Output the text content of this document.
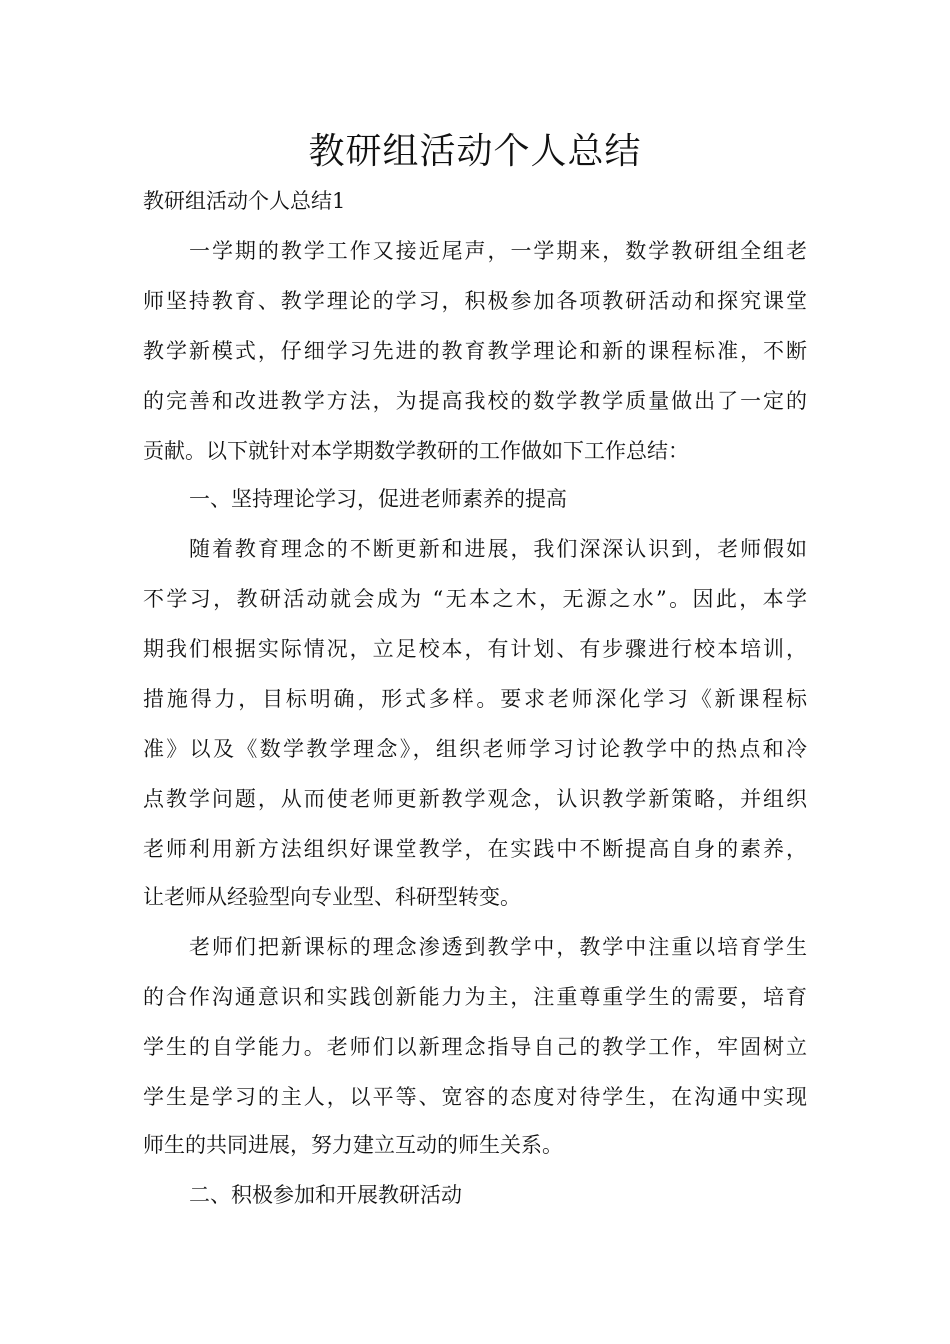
教研组活动个人总结
教研组活动个人总结1
一学期的教学工作又接近尾声，一学期来，数学教研组全组老
师坚持教育、教学理论的学习，积极参加各项教研活动和探究课堂
教学新模式，仔细学习先进的教育教学理论和新的课程标准，不断
的完善和改进教学方法，为提高我校的数学教学质量做出了一定的
贡献。以下就针对本学期数学教研的工作做如下工作总结：
一、坚持理论学习，促进老师素养的提高
随着教育理念的不断更新和进展，我们深深认识到，老师假如
不学习，教研活动就会成为 “无本之木，无源之水”。因此，本学
期我们根据实际情况，立足校本，有计划、有步骤进行校本培训，
措施得力，目标明确，形式多样。要求老师深化学习《新课程标
准》以及《数学教学理念》，组织老师学习讨论教学中的热点和冷
点教学问题，从而使老师更新教学观念，认识教学新策略，并组织
老师利用新方法组织好课堂教学，在实践中不断提高自身的素养，
让老师从经验型向专业型、科研型转变。
老师们把新课标的理念渗透到教学中，教学中注重以培育学生
的合作沟通意识和实践创新能力为主，注重尊重学生的需要，培育
学生的自学能力。老师们以新理念指导自己的教学工作，牢固树立
学生是学习的主人，以平等、宽容的态度对待学生，在沟通中实现
师生的共同进展，努力建立互动的师生关系。
二、积极参加和开展教研活动
